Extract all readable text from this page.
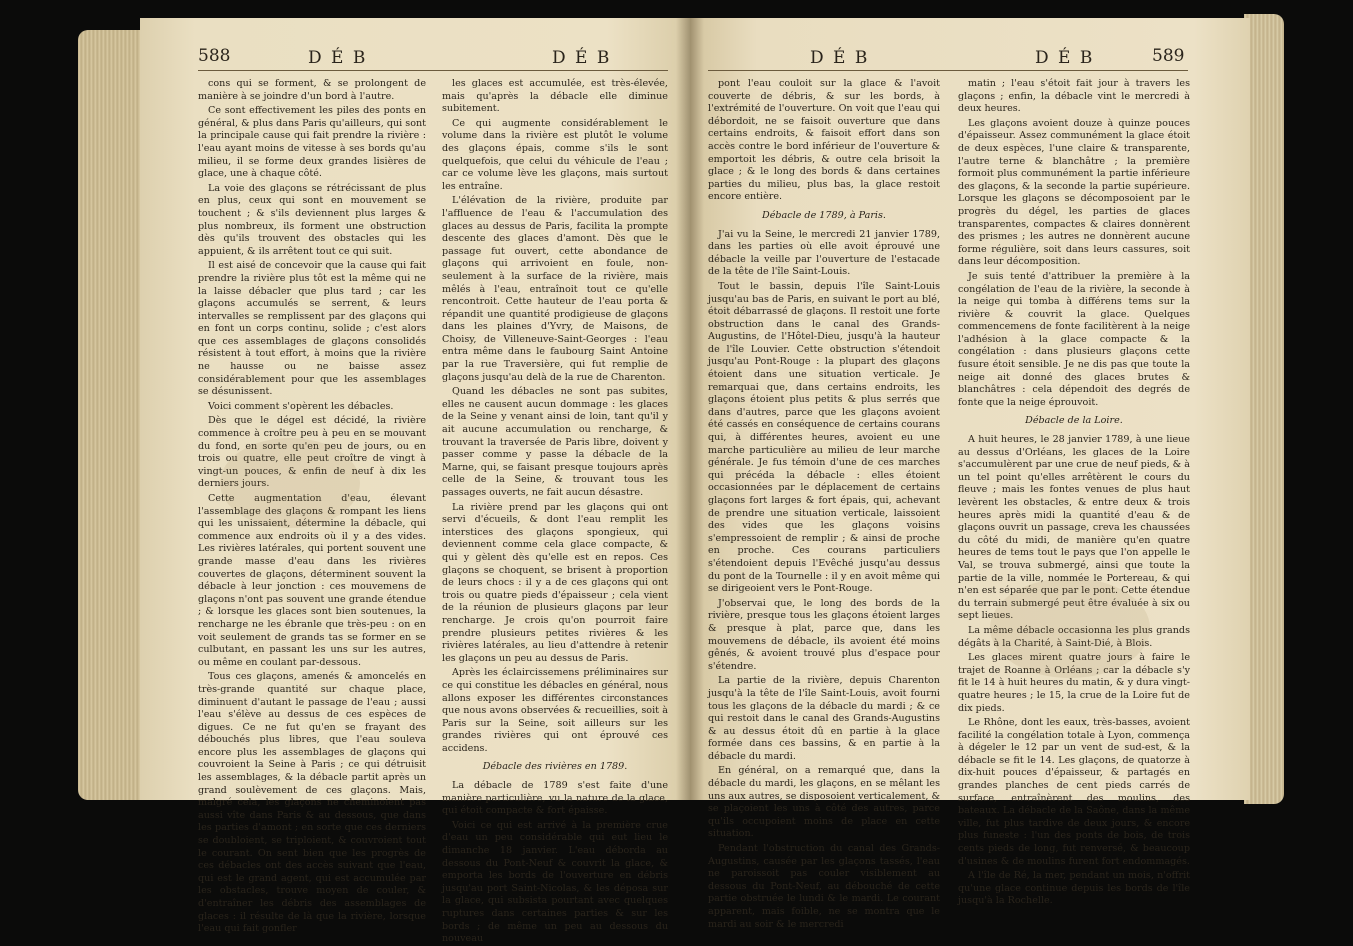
588	D É B	D É B

cons qui se forment, & se prolongent de manière à se joindre d'un bord à l'autre.

Ce sont effectivement les piles des ponts en général, & plus dans Paris qu'ailleurs, qui sont la principale cause qui fait prendre la rivière : l'eau ayant moins de vitesse à ses bords qu'au milieu, il se forme deux grandes lisières de glace, une à chaque côté.

La voie des glaçons se rétrécissant de plus en plus, ceux qui sont en mouvement se touchent ; & s'ils deviennent plus larges & plus nombreux, ils forment une obstruction dès qu'ils trouvent des obstacles qui les appuient, & ils arrêtent tout ce qui suit.

Il est aisé de concevoir que la cause qui fait prendre la rivière plus tôt est la même qui ne la laisse débacler que plus tard ; car les glaçons accumulés se serrent, & leurs intervalles se remplissent par des glaçons qui en font un corps continu, solide ; c'est alors que ces assemblages de glaçons consolidés résistent à tout effort, à moins que la rivière ne hausse ou ne baisse assez considérablement pour que les assemblages se désunissent.

Voici comment s'opèrent les débacles.

Dès que le dégel est décidé, la rivière commence à croître peu à peu en se mouvant du fond, en sorte qu'en peu de jours, ou en trois ou quatre, elle peut croître de vingt à vingt-un pouces, & enfin de neuf à dix les derniers jours.

Cette augmentation d'eau, élevant l'assemblage des glaçons & rompant les liens qui les unissaient, détermine la débacle, qui commence aux endroits où il y a des vides. Les rivières latérales, qui portent souvent une grande masse d'eau dans les rivières couvertes de glaçons, déterminent souvent la débacle à leur jonction : ces mouvemens de glaçons n'ont pas souvent une grande étendue ; & lorsque les glaces sont bien soutenues, la rencharge ne les ébranle que très-peu : on en voit seulement de grands tas se former en se culbutant, en passant les uns sur les autres, ou même en coulant par-dessous.

Tous ces glaçons, amenés & amoncelés en très-grande quantité sur chaque place, diminuent d'autant le passage de l'eau ; aussi l'eau s'élève au dessus de ces espèces de digues. Ce ne fut qu'en se frayant des débouchés plus libres, que l'eau souleva encore plus les assemblages de glaçons qui couvroient la Seine à Paris ; ce qui détruisit les assemblages, & la débacle partit après un grand soulèvement de ces glaçons. Mais, malgré cela, les glaçons ne cheminoient pas aussi vîte dans Paris & au dessous, que dans les parties d'amont ; en sorte que ces derniers se doubloient, se triploient, & couvroient tout le courant. On sent bien que les progrès de ces débacles ont des accès suivant que l'eau, qui est le grand agent, qui est accumulée par les obstacles, trouve moyen de couler, & d'entraîner les débris des assemblages de glaces : il résulte de là que la rivière, lorsque l'eau qui fait gonfler

les glaces est accumulée, est très-élevée, mais qu'après la débacle elle diminue subitement.

Ce qui augmente considérablement le volume dans la rivière est plutôt le volume des glaçons épais, comme s'ils le sont quelquefois, que celui du véhicule de l'eau ; car ce volume lève les glaçons, mais surtout les entraîne.

L'élévation de la rivière, produite par l'affluence de l'eau & l'accumulation des glaces au dessus de Paris, facilita la prompte descente des glaces d'amont. Dès que le passage fut ouvert, cette abondance de glaçons qui arrivoient en foule, non-seulement à la surface de la rivière, mais mêlés à l'eau, entraînoit tout ce qu'elle rencontroit. Cette hauteur de l'eau porta & répandit une quantité prodigieuse de glaçons dans les plaines d'Yvry, de Maisons, de Choisy, de Villeneuve-Saint-Georges : l'eau entra même dans le faubourg Saint Antoine par la rue Traversière, qui fut remplie de glaçons jusqu'au delà de la rue de Charenton.

Quand les débacles ne sont pas subites, elles ne causent aucun dommage : les glaces de la Seine y venant ainsi de loin, tant qu'il y ait aucune accumulation ou rencharge, & trouvant la traversée de Paris libre, doivent y passer comme y passe la débacle de la Marne, qui, se faisant presque toujours après celle de la Seine, & trouvant tous les passages ouverts, ne fait aucun désastre.

La rivière prend par les glaçons qui ont servi d'écueils, & dont l'eau remplit les interstices des glaçons spongieux, qui deviennent comme cela glace compacte, & qui y gèlent dès qu'elle est en repos. Ces glaçons se choquent, se brisent à proportion de leurs chocs : il y a de ces glaçons qui ont trois ou quatre pieds d'épaisseur ; cela vient de la réunion de plusieurs glaçons par leur rencharge. Je crois qu'on pourroit faire prendre plusieurs petites rivières & les rivières latérales, au lieu d'attendre à retenir les glaçons un peu au dessus de Paris.

Après les éclaircissemens préliminaires sur ce qui constitue les débacles en général, nous allons exposer les différentes circonstances que nous avons observées & recueillies, soit à Paris sur la Seine, soit ailleurs sur les grandes rivières qui ont éprouvé ces accidens.

Débacle des rivières en 1789.

La débacle de 1789 s'est faite d'une manière particulière, vu la nature de la glace, qui étoit compacte & fort épaisse.

Voici ce qui est arrivé à la première crue d'eau un peu considérable qui eut lieu le dimanche 18 janvier. L'eau déborda au dessous du Pont-Neuf & couvrit la glace, & emporta les bords de l'ouverture en débris jusqu'au port Saint-Nicolas, & les déposa sur la glace, qui subsista pourtant avec quelques ruptures dans certaines parties & sur les bords ; de même un peu au dessous du nouveau

D É B	D É B	589

pont l'eau couloit sur la glace & l'avoit couverte de débris, & sur les bords, à l'extrémité de l'ouverture. On voit que l'eau qui débordoit, ne se faisoit ouverture que dans certains endroits, & faisoit effort dans son accès contre le bord inférieur de l'ouverture & emportoit les débris, & outre cela brisoit la glace ; & le long des bords & dans certaines parties du milieu, plus bas, la glace restoit encore entière.

Débacle de 1789, à Paris.

J'ai vu la Seine, le mercredi 21 janvier 1789, dans les parties où elle avoit éprouvé une débacle la veille par l'ouverture de l'estacade de la tête de l'île Saint-Louis.

Tout le bassin, depuis l'île Saint-Louis jusqu'au bas de Paris, en suivant le port au blé, étoit débarrassé de glaçons. Il restoit une forte obstruction dans le canal des Grands-Augustins, de l'Hôtel-Dieu, jusqu'à la hauteur de l'île Louvier. Cette obstruction s'étendoit jusqu'au Pont-Rouge : la plupart des glaçons étoient dans une situation verticale. Je remarquai que, dans certains endroits, les glaçons étoient plus petits & plus serrés que dans d'autres, parce que les glaçons avoient été cassés en conséquence de certains courans qui, à différentes heures, avoient eu une marche particulière au milieu de leur marche générale. Je fus témoin d'une de ces marches qui précéda la débacle : elles étoient occasionnées par le déplacement de certains glaçons fort larges & fort épais, qui, achevant de prendre une situation verticale, laissoient des vides que les glaçons voisins s'empressoient de remplir ; & ainsi de proche en proche. Ces courans particuliers s'étendoient depuis l'Evêché jusqu'au dessus du pont de la Tournelle : il y en avoit même qui se dirigeoient vers le Pont-Rouge.

J'observai que, le long des bords de la rivière, presque tous les glaçons étoient larges & presque à plat, parce que, dans les mouvemens de débacle, ils avoient été moins gênés, & avoient trouvé plus d'espace pour s'étendre.

La partie de la rivière, depuis Charenton jusqu'à la tête de l'île Saint-Louis, avoit fourni tous les glaçons de la débacle du mardi ; & ce qui restoit dans le canal des Grands-Augustins & au dessus étoit dû en partie à la glace formée dans ces bassins, & en partie à la débacle du mardi.

En général, on a remarqué que, dans la débacle du mardi, les glaçons, en se mêlant les uns aux autres, se disposoient verticalement, & se plaçoient les uns à côté des autres, parce qu'ils occupoient moins de place en cette situation.

Pendant l'obstruction du canal des Grands-Augustins, causée par les glaçons tassés, l'eau ne paroissoit pas couler visiblement au dessous du Pont-Neuf, au débouché de cette partie obstruée le lundi & le mardi. Le courant apparent, mais foible, ne se montra que le mardi au soir & le mercredi

matin ; l'eau s'étoit fait jour à travers les glaçons ; enfin, la débacle vint le mercredi à deux heures.

Les glaçons avoient douze à quinze pouces d'épaisseur. Assez communément la glace étoit de deux espèces, l'une claire & transparente, l'autre terne & blanchâtre ; la première formoit plus communément la partie inférieure des glaçons, & la seconde la partie supérieure. Lorsque les glaçons se décomposoient par le progrès du dégel, les parties de glaces transparentes, compactes & claires donnèrent des prismes ; les autres ne donnèrent aucune forme régulière, soit dans leurs cassures, soit dans leur décomposition.

Je suis tenté d'attribuer la première à la congélation de l'eau de la rivière, la seconde à la neige qui tomba à différens tems sur la rivière & couvrit la glace. Quelques commencemens de fonte facilitèrent à la neige l'adhésion à la glace compacte & la congélation : dans plusieurs glaçons cette fusure étoit sensible. Je ne dis pas que toute la neige ait donné des glaces brutes & blanchâtres : cela dépendoit des degrés de fonte que la neige éprouvoit.

Débacle de la Loire.

A huit heures, le 28 janvier 1789, à une lieue au dessus d'Orléans, les glaces de la Loire s'accumulèrent par une crue de neuf pieds, & à un tel point qu'elles arrêtèrent le cours du fleuve ; mais les fontes venues de plus haut levèrent les obstacles, & entre deux & trois heures après midi la quantité d'eau & de glaçons ouvrit un passage, creva les chaussées du côté du midi, de manière qu'en quatre heures de tems tout le pays que l'on appelle le Val, se trouva submergé, ainsi que toute la partie de la ville, nommée le Portereau, & qui n'en est séparée que par le pont. Cette étendue du terrain submergé peut être évaluée à six ou sept lieues.

La même débacle occasionna les plus grands dégâts à la Charité, à Saint-Dié, à Blois.

Les glaces mirent quatre jours à faire le trajet de Roanne à Orléans ; car la débacle s'y fit le 14 à huit heures du matin, & y dura vingt-quatre heures ; le 15, la crue de la Loire fut de dix pieds.

Le Rhône, dont les eaux, très-basses, avoient facilité la congélation totale à Lyon, commença à dégeler le 12 par un vent de sud-est, & la débacle se fit le 14. Les glaçons, de quatorze à dix-huit pouces d'épaisseur, & partagés en grandes planches de cent pieds carrés de surface, entraînèrent des moulins, des bateaux. La débacle de la Saône, dans la même ville, fut plus tardive de deux jours, & encore plus funeste : l'un des ponts de bois, de trois cents pieds de long, fut renversé, & beaucoup d'usines & de moulins furent fort endommagés.

A l'île de Ré, la mer, pendant un mois, n'offrit qu'une glace continue depuis les bords de l'île jusqu'à la Rochelle.
